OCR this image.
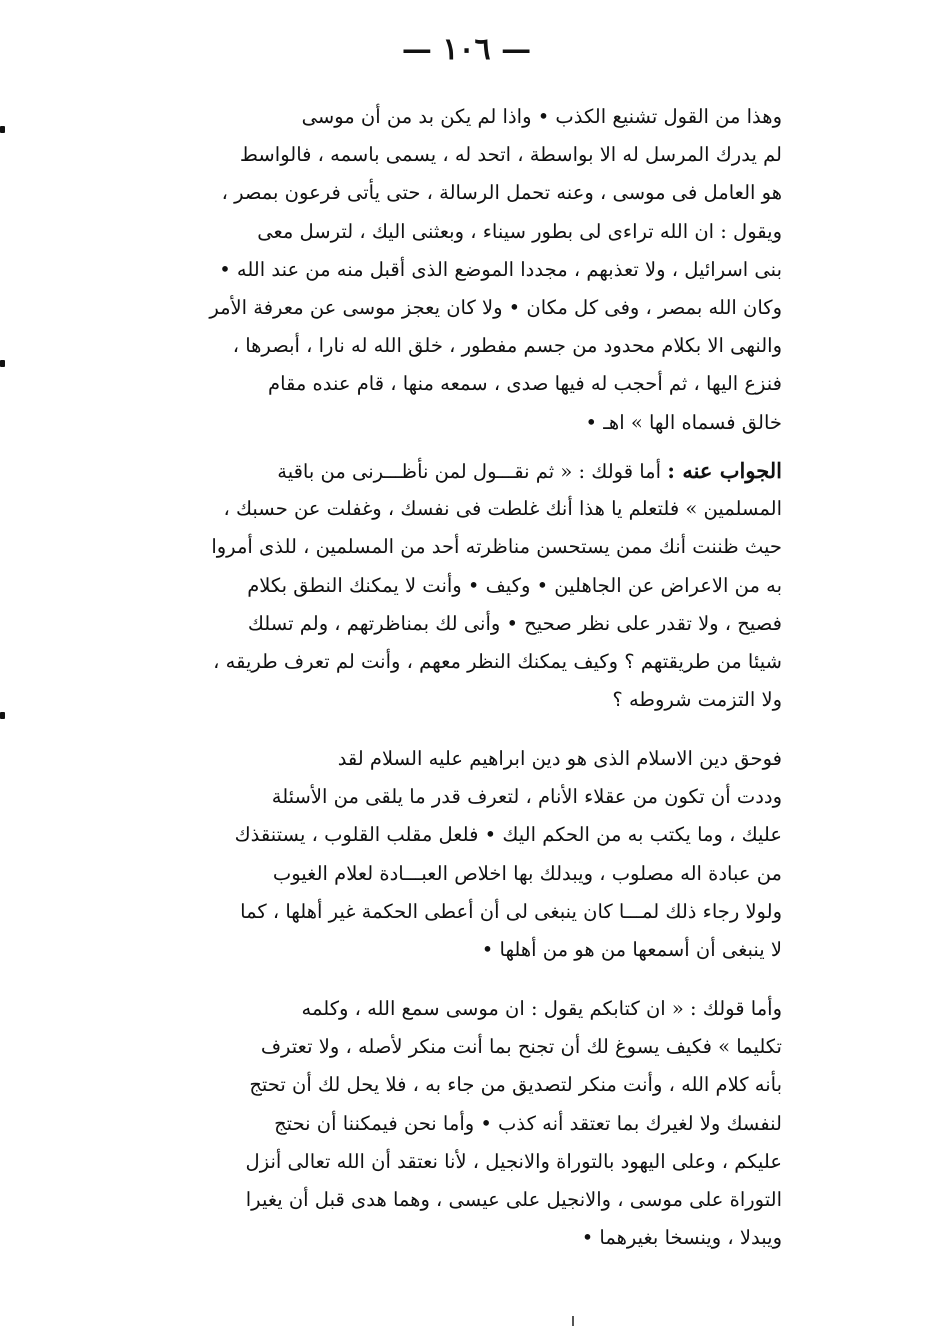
— ١٠٦ —
وهذا من القول تشنيع الكذب • واذا لم يكن بد من أن موسى
لم يدرك المرسل له الا بواسطة ، اتحد له ، يسمى باسمه ، فالواسط
هو العامل فى موسى ، وعنه تحمل الرسالة ، حتى يأتى فرعون بمصر ،
ويقول : ان الله تراءى لى بطور سيناء ، وبعثنى اليك ، لترسل معى
بنى اسرائيل ، ولا تعذبهم ، مجددا الموضع الذى أقبل منه من عند الله •
وكان الله بمصر ، وفى كل مكان • ولا كان يعجز موسى عن معرفة الأمر
والنهى الا بكلام محدود من جسم مفطور ، خلق الله له نارا ، أبصرها ،
فنزع اليها ، ثم أحجب له فيها صدى ، سمعه منها ، قام عنده مقام
خالق فسماه الها » اهـ •
الجواب عنه : أما قولك : « ثم نقـــول لمن نأظـــرنى من باقية
المسلمين » فلتعلم يا هذا أنك غلطت فى نفسك ، وغفلت عن حسبك ،
حيث ظننت أنك ممن يستحسن مناظرته أحد من المسلمين ، للذى أمروا
به من الاعراض عن الجاهلين • وكيف • وأنت لا يمكنك النطق بكلام
فصيح ، ولا تقدر على نظر صحيح • وأنى لك بمناظرتهم ، ولم تسلك
شيئا من طريقتهم ؟ وكيف يمكنك النظر معهم ، وأنت لم تعرف طريقه ،
ولا التزمت شروطه ؟
فوحق دين الاسلام الذى هو دين ابراهيم عليه السلام لقد
وددت أن تكون من عقلاء الأنام ، لتعرف قدر ما يلقى من الأسئلة
عليك ، وما يكتب به من الحكم اليك • فلعل مقلب القلوب ، يستنقذك
من عبادة اله مصلوب ، ويبدلك بها اخلاص العبـــادة لعلام الغيوب
ولولا رجاء ذلك لمـــا كان ينبغى لى أن أعطى الحكمة غير أهلها ، كما
لا ينبغى أن أسمعها من هو من أهلها •
وأما قولك : « ان كتابكم يقول : ان موسى سمع الله ، وكلمه
تكليما » فكيف يسوغ لك أن تجنح بما أنت منكر لأصله ، ولا تعترف
بأنه كلام الله ، وأنت منكر لتصديق من جاء به ، فلا يحل لك أن تحتج
لنفسك ولا لغيرك بما تعتقد أنه كذب • وأما نحن فيمكننا أن نحتج
عليكم ، وعلى اليهود بالتوراة والانجيل ، لأنا نعتقد أن الله تعالى أنزل
التوراة على موسى ، والانجيل على عيسى ، وهما هدى قبل أن يغيرا
ويبدلا ، وينسخا بغيرهما •
